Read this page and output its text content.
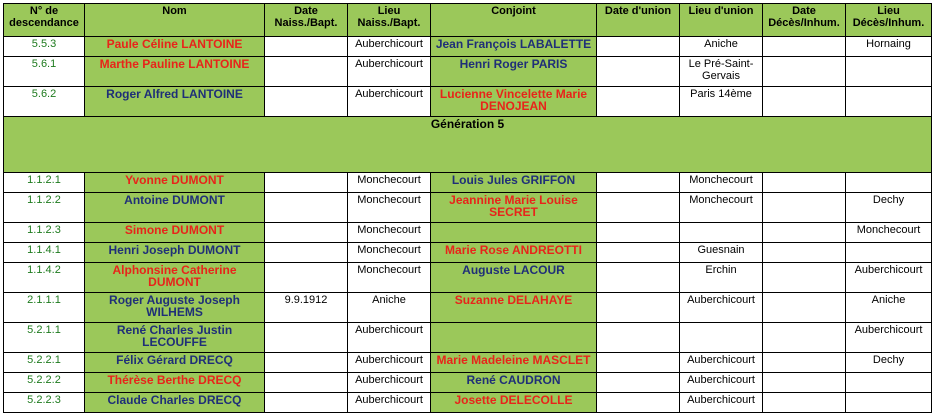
N° de descendance	Nom	Date Naiss./Bapt.	Lieu Naiss./Bapt.	Conjoint	Date d'union	Lieu d'union	Date Décès/Inhum.	Lieu Décès/Inhum.
5.5.3	Paule Céline LANTOINE		Auberchicourt	Jean François LABALETTE		Aniche		Hornaing
5.6.1	Marthe Pauline LANTOINE		Auberchicourt	Henri Roger PARIS		Le Pré-Saint-Gervais		
5.6.2	Roger Alfred LANTOINE		Auberchicourt	Lucienne Vincelette Marie DENOJEAN		Paris 14ème		
Génération 5								
1.1.2.1	Yvonne DUMONT		Monchecourt	Louis Jules GRIFFON		Monchecourt		
1.1.2.2	Antoine DUMONT		Monchecourt	Jeannine Marie Louise SECRET		Monchecourt		Dechy
1.1.2.3	Simone DUMONT		Monchecourt					Monchecourt
1.1.4.1	Henri Joseph DUMONT		Monchecourt	Marie Rose ANDREOTTI		Guesnain		
1.1.4.2	Alphonsine Catherine DUMONT		Monchecourt	Auguste LACOUR		Erchin		Auberchicourt
2.1.1.1	Roger Auguste Joseph WILHEMS	9.9.1912	Aniche	Suzanne DELAHAYE		Auberchicourt		Aniche
5.2.1.1	René Charles Justin LECOUFFE		Auberchicourt					Auberchicourt
5.2.2.1	Félix Gérard DRECQ		Auberchicourt	Marie Madeleine MASCLET		Auberchicourt		Dechy
5.2.2.2	Thérèse Berthe DRECQ		Auberchicourt	René CAUDRON		Auberchicourt		
5.2.2.3	Claude Charles DRECQ		Auberchicourt	Josette DELECOLLE		Auberchicourt		
